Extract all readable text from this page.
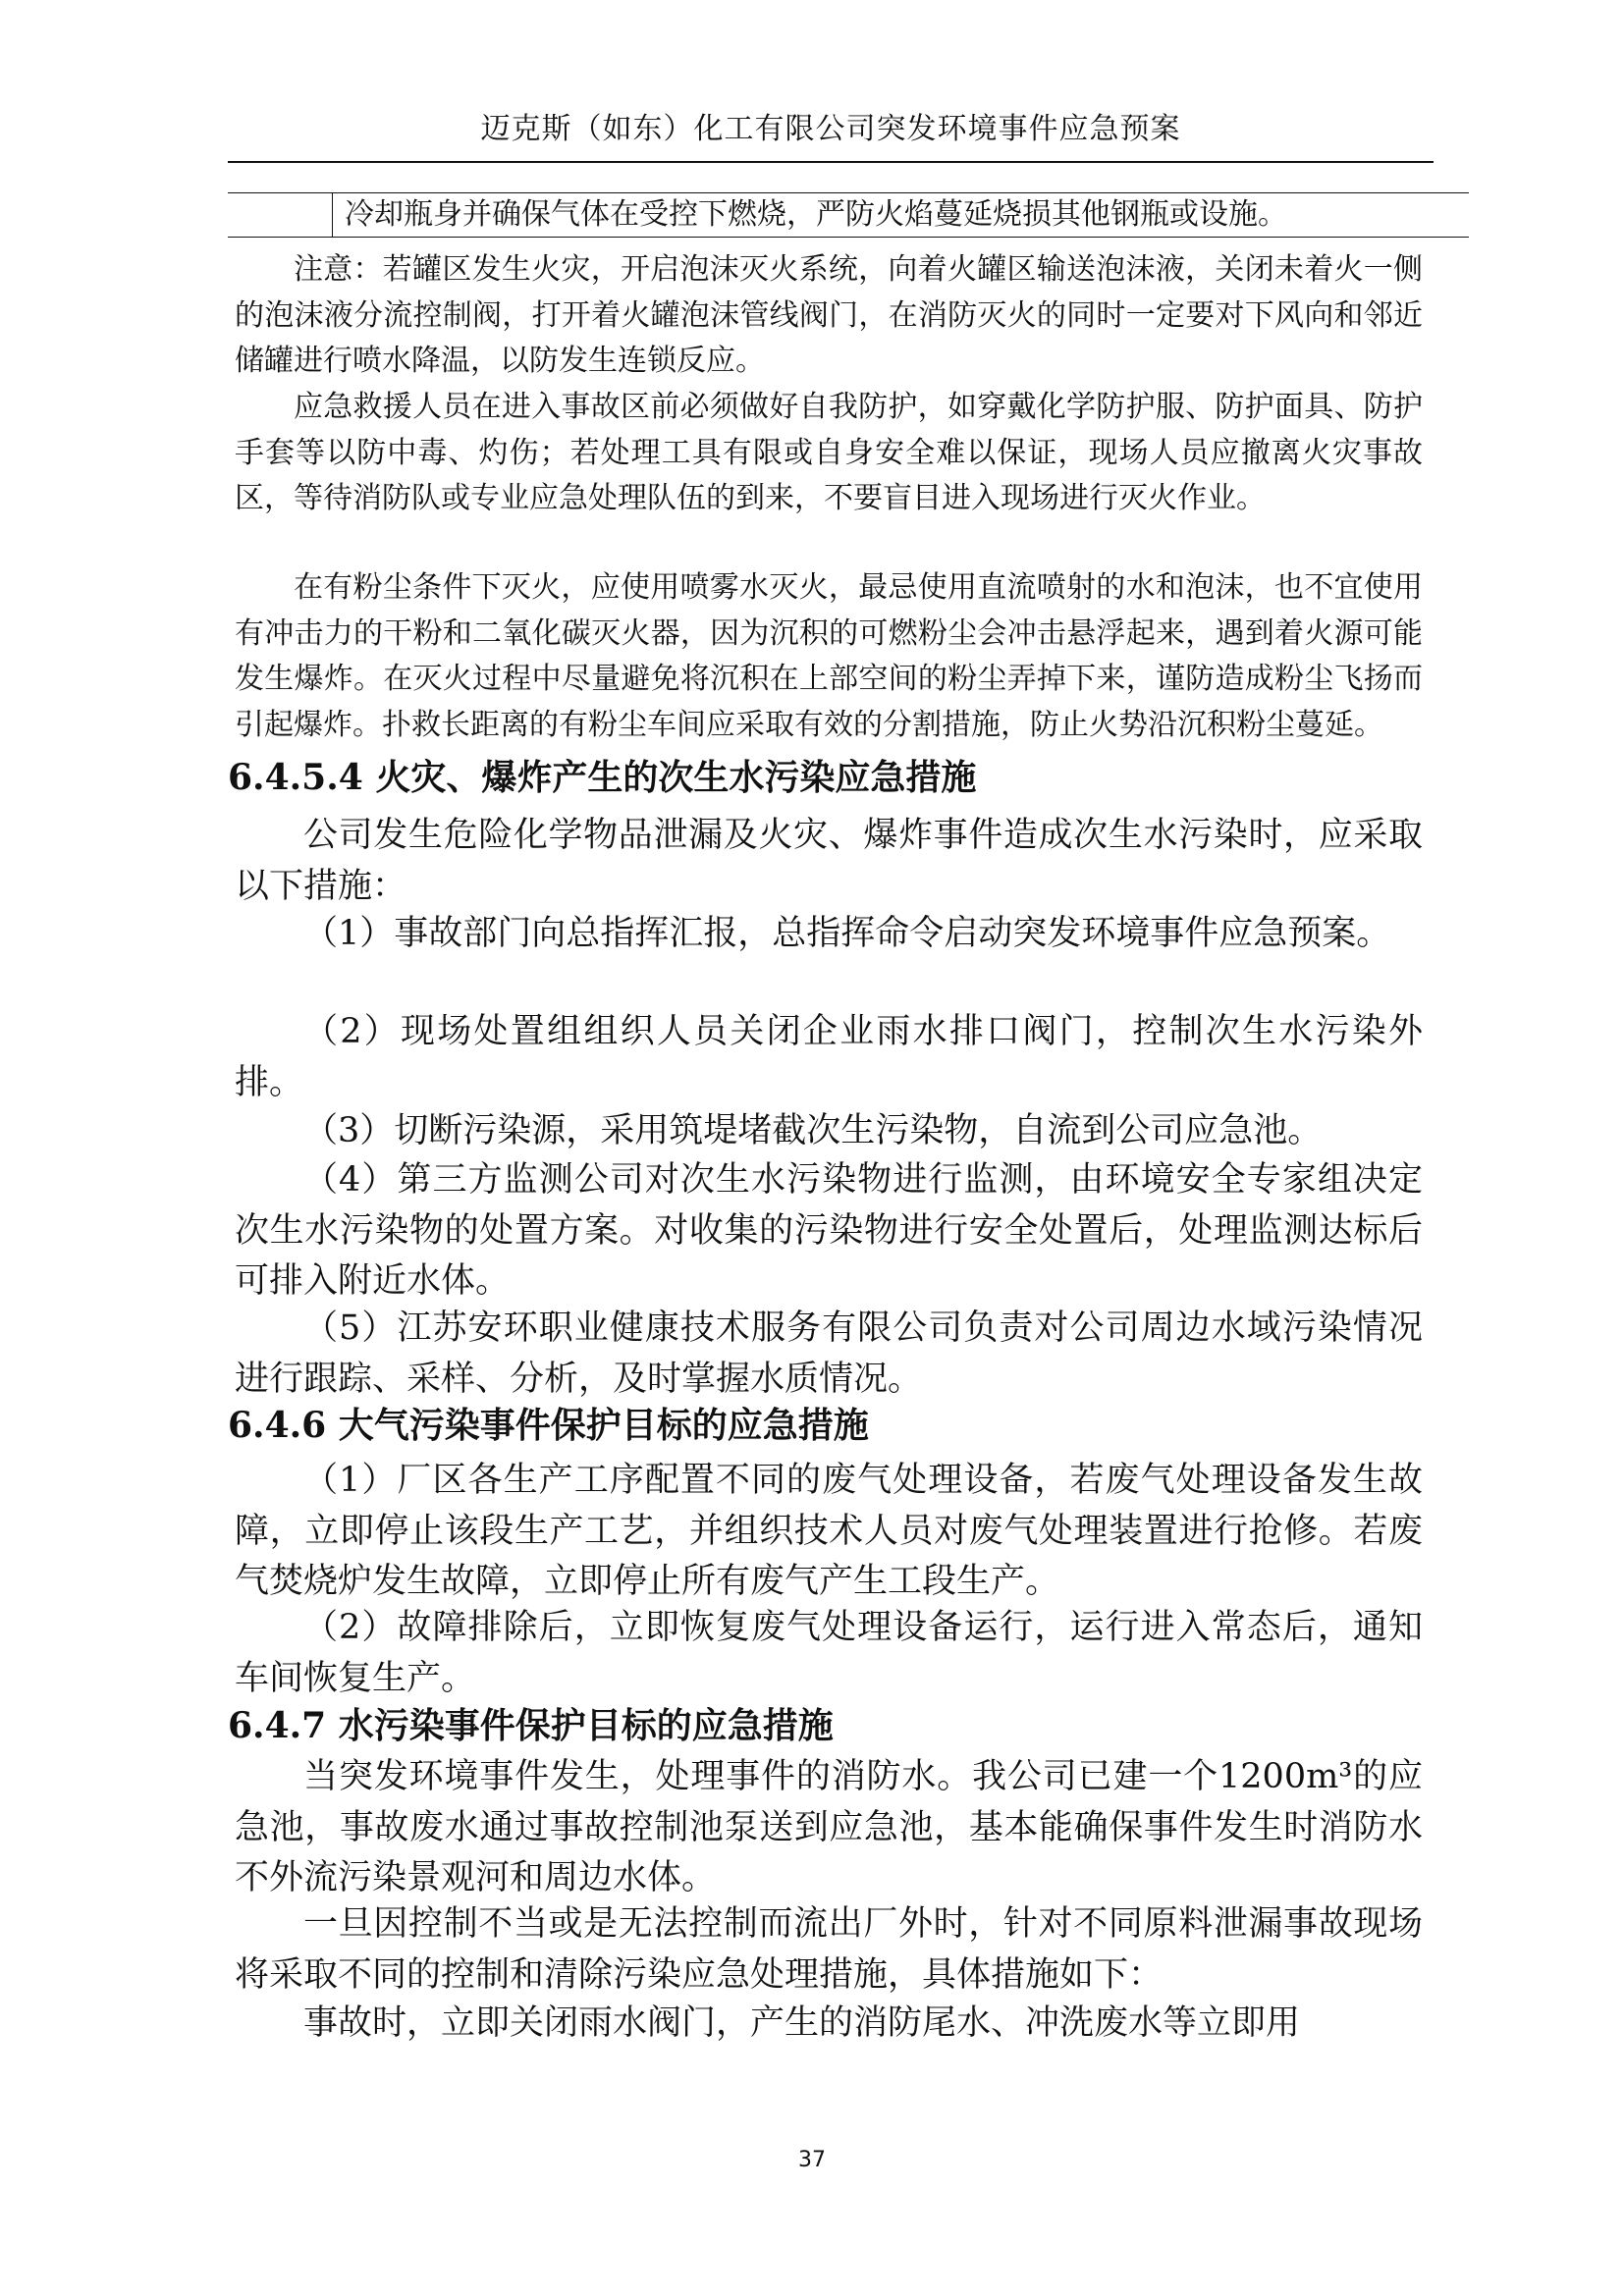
迈克斯（如东）化工有限公司突发环境事件应急预案
冷却瓶身并确保气体在受控下燃烧，严防火焰蔓延烧损其他钢瓶或设施。
注意：若罐区发生火灾，开启泡沫灭火系统，向着火罐区输送泡沫液，关闭未着火一侧的泡沫液分流控制阀，打开着火罐泡沫管线阀门，在消防灭火的同时一定要对下风向和邻近储罐进行喷水降温，以防发生连锁反应。
应急救援人员在进入事故区前必须做好自我防护，如穿戴化学防护服、防护面具、防护手套等以防中毒、灼伤；若处理工具有限或自身安全难以保证，现场人员应撤离火灾事故区，等待消防队或专业应急处理队伍的到来，不要盲目进入现场进行灭火作业。
在有粉尘条件下灭火，应使用喷雾水灭火，最忌使用直流喷射的水和泡沫，也不宜使用有冲击力的干粉和二氧化碳灭火器，因为沉积的可燃粉尘会冲击悬浮起来，遇到着火源可能发生爆炸。在灭火过程中尽量避免将沉积在上部空间的粉尘弄掉下来，谨防造成粉尘飞扬而引起爆炸。扑救长距离的有粉尘车间应采取有效的分割措施，防止火势沿沉积粉尘蔓延。
6.4.5.4 火灾、爆炸产生的次生水污染应急措施
公司发生危险化学物品泄漏及火灾、爆炸事件造成次生水污染时，应采取以下措施：
（1）事故部门向总指挥汇报，总指挥命令启动突发环境事件应急预案。
（2）现场处置组组织人员关闭企业雨水排口阀门，控制次生水污染外排。
（3）切断污染源，采用筑堤堵截次生污染物，自流到公司应急池。
（4）第三方监测公司对次生水污染物进行监测，由环境安全专家组决定次生水污染物的处置方案。对收集的污染物进行安全处置后，处理监测达标后可排入附近水体。
（5）江苏安环职业健康技术服务有限公司负责对公司周边水域污染情况进行跟踪、采样、分析，及时掌握水质情况。
6.4.6 大气污染事件保护目标的应急措施
（1）厂区各生产工序配置不同的废气处理设备，若废气处理设备发生故障，立即停止该段生产工艺，并组织技术人员对废气处理装置进行抢修。若废气焚烧炉发生故障，立即停止所有废气产生工段生产。
（2）故障排除后，立即恢复废气处理设备运行，运行进入常态后，通知车间恢复生产。
6.4.7 水污染事件保护目标的应急措施
当突发环境事件发生，处理事件的消防水。我公司已建一个1200m³的应急池，事故废水通过事故控制池泵送到应急池，基本能确保事件发生时消防水不外流污染景观河和周边水体。
一旦因控制不当或是无法控制而流出厂外时，针对不同原料泄漏事故现场将采取不同的控制和清除污染应急处理措施，具体措施如下：
事故时，立即关闭雨水阀门，产生的消防尾水、冲洗废水等立即用
37
